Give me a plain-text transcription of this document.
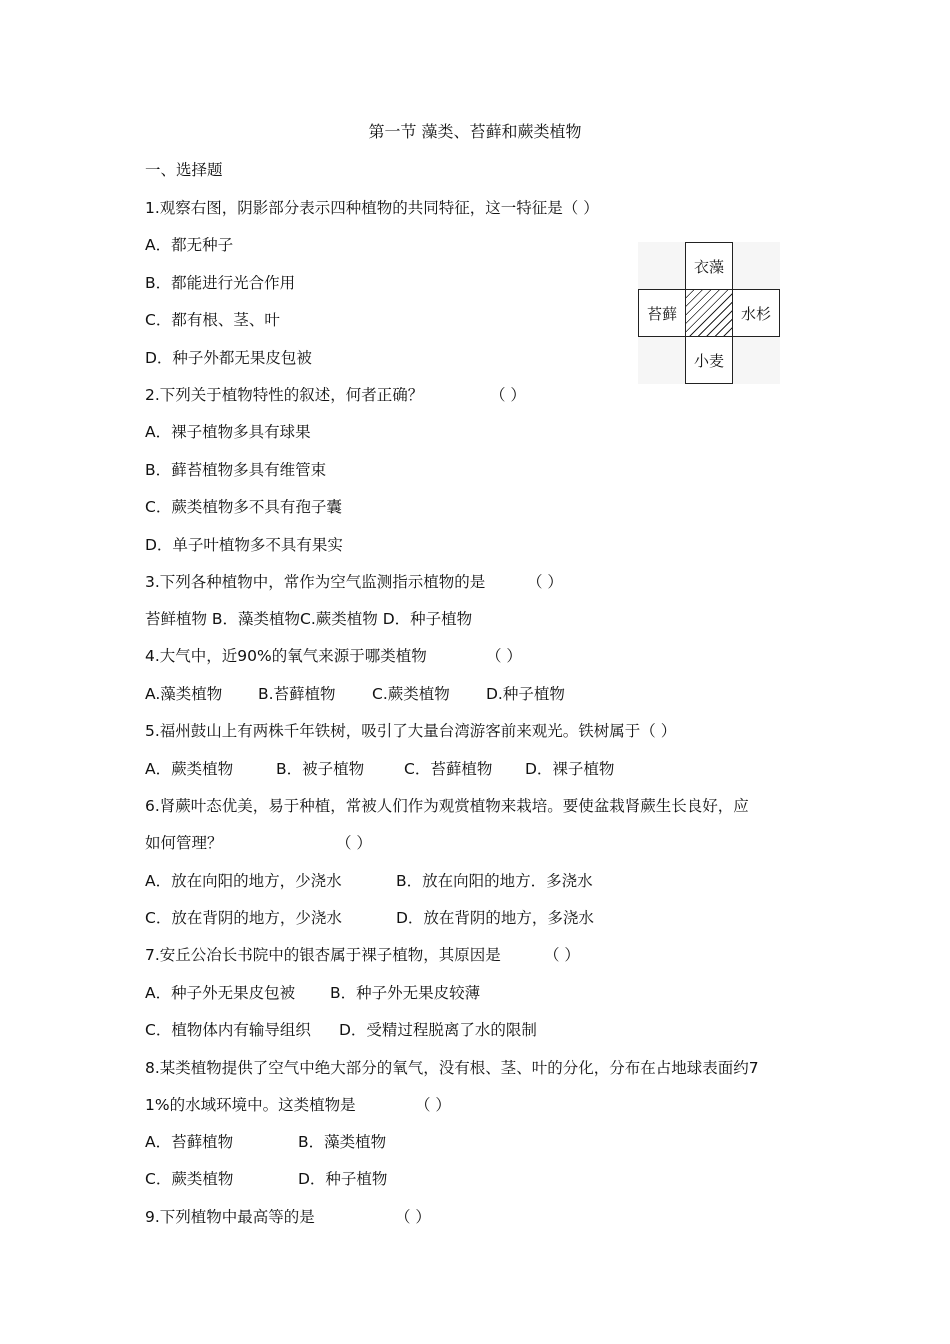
第一节 藻类、苔藓和蕨类植物
一、选择题
1.观察右图，阴影部分表示四种植物的共同特征，这一特征是（ ）
A．都无种子
B．都能进行光合作用
C．都有根、茎、叶
D．种子外都无果皮包被
衣藻
苔藓	水杉
小麦
2.下列关于植物特性的叙述，何者正确？	（ ）
A．裸子植物多具有球果
B．藓苔植物多具有维管束
C．蕨类植物多不具有孢子囊
D．单子叶植物多不具有果实
3.下列各种植物中，常作为空气监测指示植物的是	（ ）
苔鲜植物 B．藻类植物C.蕨类植物 D．种子植物
4.大气中，近90%的氧气来源于哪类植物	（ ）
A.藻类植物 B.苔藓植物 C.蕨类植物 D.种子植物
5.福州鼓山上有两株千年铁树，吸引了大量台湾游客前来观光。铁树属于（ ）
A．蕨类植物	B．被子植物	C．苔藓植物 D．裸子植物
6.肾蕨叶态优美，易于种植，常被人们作为观赏植物来栽培。要使盆栽肾蕨生长良好，应
如何管理？	（ ）
A．放在向阳的地方，少浇水	B．放在向阳的地方．多浇水
C．放在背阴的地方，少浇水	D．放在背阴的地方，多浇水
7.安丘公冶长书院中的银杏属于裸子植物，其原因是	（ ）
A．种子外无果皮包被 B．种子外无果皮较薄
C．植物体内有输导组织 D．受精过程脱离了水的限制
8.某类植物提供了空气中绝大部分的氧气，没有根、茎、叶的分化，分布在占地球表面约7
1%的水域环境中。这类植物是	（ ）
A．苔藓植物	B．藻类植物
C．蕨类植物	D．种子植物
9.下列植物中最高等的是	（ ）
